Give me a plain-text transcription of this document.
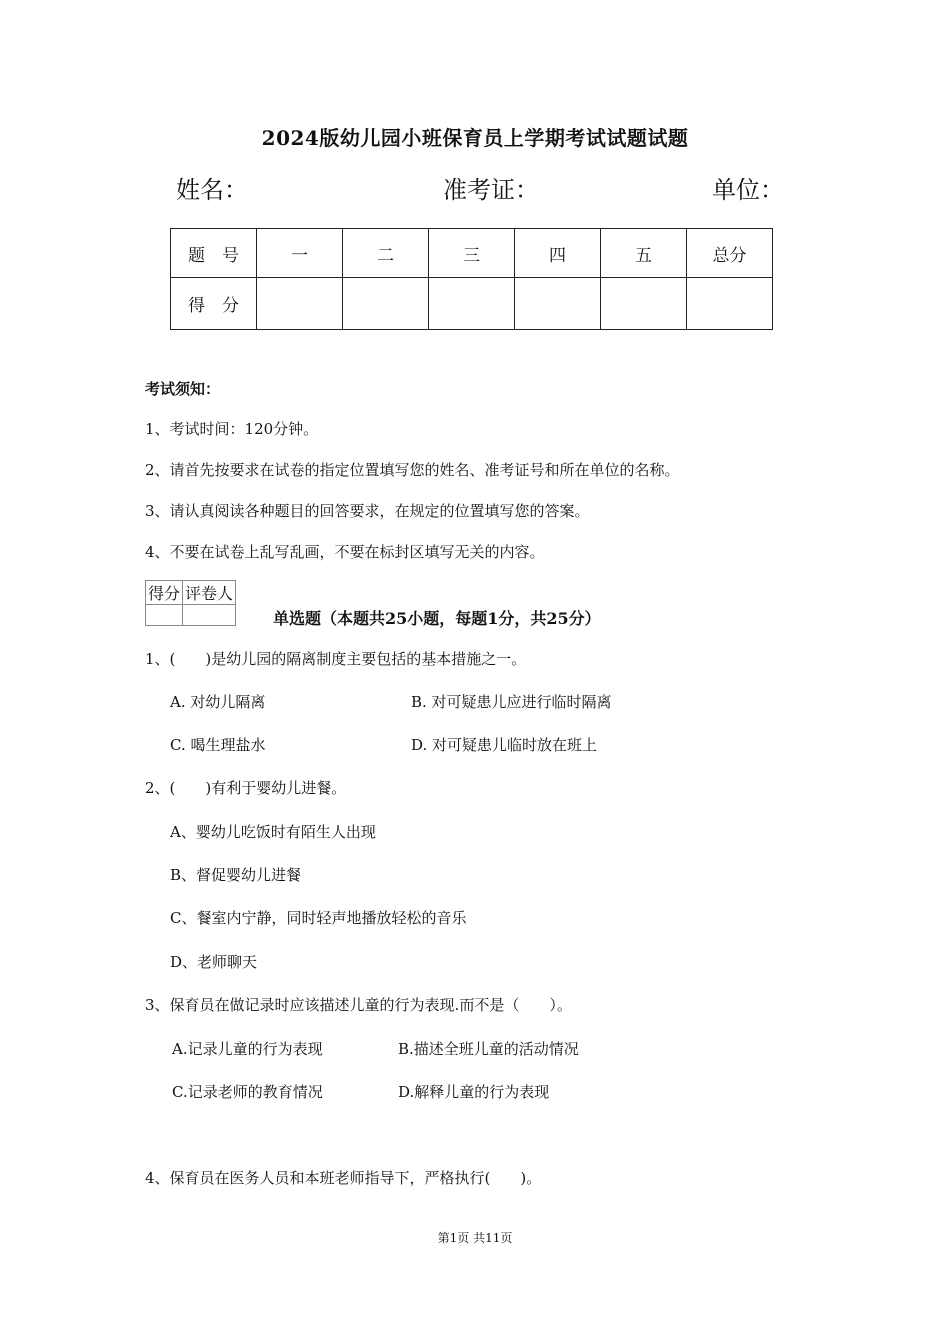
2024版幼儿园小班保育员上学期考试试题试题
姓名：	准考证：	单位：
题　号	一	二	三	四	五	总分
得　分						
考试须知：
1、考试时间：120分钟。
2、请首先按要求在试卷的指定位置填写您的姓名、准考证号和所在单位的名称。
3、请认真阅读各种题目的回答要求，在规定的位置填写您的答案。
4、不要在试卷上乱写乱画，不要在标封区填写无关的内容。
得分	评卷人

单选题（本题共25小题，每题1分，共25分）
1、(　　)是幼儿园的隔离制度主要包括的基本措施之一。
A. 对幼儿隔离	B. 对可疑患儿应进行临时隔离
C. 喝生理盐水	D. 对可疑患儿临时放在班上
2、(　　)有利于婴幼儿进餐。
A、婴幼儿吃饭时有陌生人出现
B、督促婴幼儿进餐
C、餐室内宁静，同时轻声地播放轻松的音乐
D、老师聊天
3、保育员在做记录时应该描述儿童的行为表现.而不是（　　）。
A.记录儿童的行为表现	B.描述全班儿童的活动情况
C.记录老师的教育情况	D.解释儿童的行为表现
4、保育员在医务人员和本班老师指导下，严格执行(　　)。
第1页 共11页
